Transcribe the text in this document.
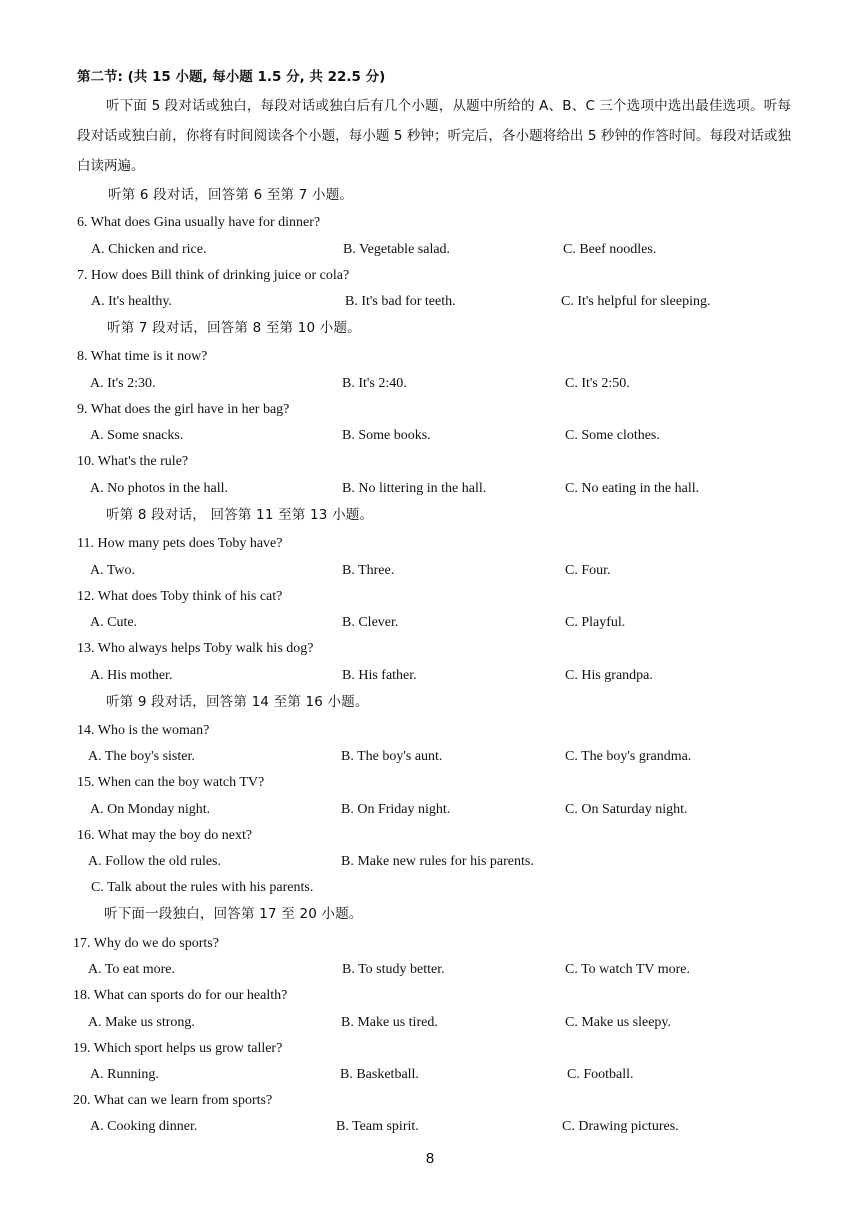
第二节: (共 15 小题, 每小题 1.5 分, 共 22.5 分)
听下面 5 段对话或独白，每段对话或独白后有几个小题，从题中所给的 A、B、C 三个选项中选出最佳选项。听每段对话或独白前，你将有时间阅读各个小题，每小题 5 秒钟；听完后，各小题将给出 5 秒钟的作答时间。每段对话或独白读两遍。
听第 6 段对话，回答第 6 至第 7 小题。
6. What does Gina usually have for dinner?
A. Chicken and rice.	B. Vegetable salad.	C. Beef noodles.
7. How does Bill think of drinking juice or cola?
A. It's healthy.	B. It's bad for teeth.	C. It's helpful for sleeping.
听第 7 段对话，回答第 8 至第 10 小题。
8. What time is it now?
A. It's 2:30.	B. It's 2:40.	C. It's 2:50.
9. What does the girl have in her bag?
A. Some snacks.	B. Some books.	C. Some clothes.
10. What's the rule?
A. No photos in the hall.	B. No littering in the hall.	C. No eating in the hall.
听第 8 段对话， 回答第 11 至第 13 小题。
11. How many pets does Toby have?
A. Two.	B. Three.	C. Four.
12. What does Toby think of his cat?
A. Cute.	B. Clever.	C. Playful.
13. Who always helps Toby walk his dog?
A. His mother.	B. His father.	C. His grandpa.
听第 9 段对话，回答第 14 至第 16 小题。
14. Who is the woman?
A. The boy's sister.	B. The boy's aunt.	C. The boy's grandma.
15. When can the boy watch TV?
A. On Monday night.	B. On Friday night.	C. On Saturday night.
16. What may the boy do next?
A. Follow the old rules.	B. Make new rules for his parents.
C. Talk about the rules with his parents.
听下面一段独白，回答第 17 至 20 小题。
17. Why do we do sports?
A. To eat more.	B. To study better.	C. To watch TV more.
18. What can sports do for our health?
A. Make us strong.	B. Make us tired.	C. Make us sleepy.
19. Which sport helps us grow taller?
A. Running.	B. Basketball.	C. Football.
20. What can we learn from sports?
A. Cooking dinner.	B. Team spirit.	C. Drawing pictures.
8
